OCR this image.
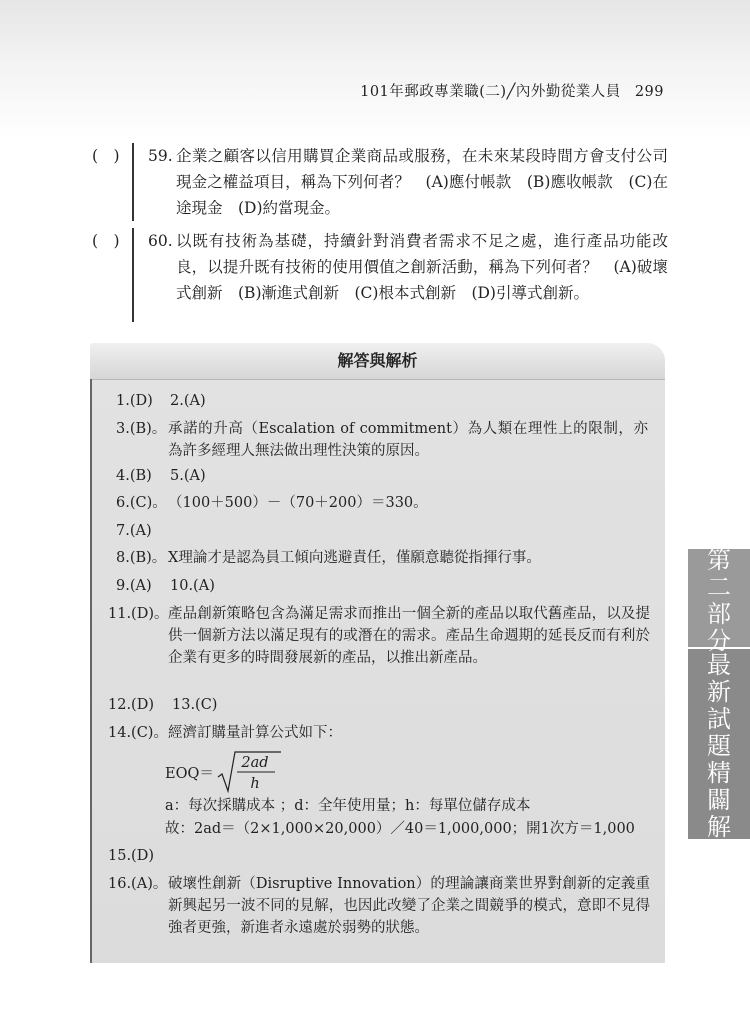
101年郵政專業職(二)╱內外勤從業人員 299
(　) 59. 企業之顧客以信用購買企業商品或服務，在未來某段時間方會支付公司現金之權益項目，稱為下列何者？　(A)應付帳款　(B)應收帳款　(C)在途現金　(D)約當現金。
(　) 60. 以既有技術為基礎，持續針對消費者需求不足之處，進行產品功能改良，以提升既有技術的使用價值之創新活動，稱為下列何者？　(A)破壞式創新　(B)漸進式創新　(C)根本式創新　(D)引導式創新。
解答與解析
1.(D) 2.(A)
3.(B)。 承諾的升高（Escalation of commitment）為人類在理性上的限制，亦為許多經理人無法做出理性決策的原因。
4.(B) 5.(A)
6.(C)。 （100＋500）－（70＋200）＝330。
7.(A)
8.(B)。 X理論才是認為員工傾向逃避責任，僅願意聽從指揮行事。
9.(A) 10.(A)
11.(D)。 產品創新策略包含為滿足需求而推出一個全新的產品以取代舊產品，以及提供一個新方法以滿足現有的或潛在的需求。產品生命週期的延長反而有利於企業有更多的時間發展新的產品，以推出新產品。
12.(D) 13.(C)
14.(C)。 經濟訂購量計算公式如下：
EOQ＝
2ad
h
a：每次採購成本 ；d：全年使用量；h：每單位儲存成本
故：2ad＝（2×1,000×20,000）／40＝1,000,000；開1次方＝1,000
15.(D)
16.(A)。 破壞性創新（Disruptive Innovation）的理論讓商業世界對創新的定義重新興起另一波不同的見解，也因此改變了企業之間競爭的模式，意即不見得強者更強，新進者永遠處於弱勢的狀態。
第
二
部
分
最
新
試
題
精
闢
解
析
